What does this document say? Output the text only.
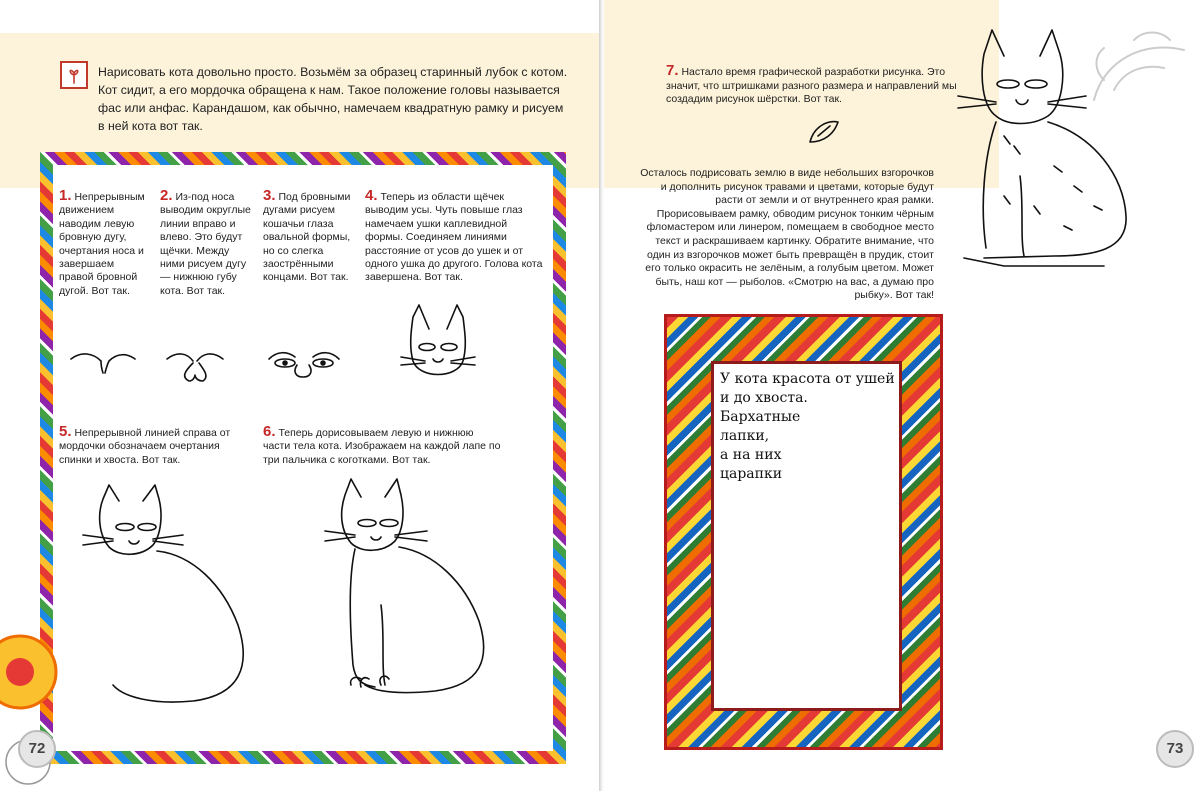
Нарисовать кота довольно просто. Возьмём за образец старинный лубок с котом. Кот сидит, а его мордочка обращена к нам. Такое положение головы называется фас или анфас. Карандашом, как обычно, намечаем квадратную рамку и рисуем в ней кота вот так.
1. Непрерывным движением наводим левую бровную дугу, очертания носа и завершаем правой бровной дугой. Вот так.
2. Из-под носа выводим округлые линии вправо и влево. Это будут щёчки. Между ними рисуем дугу — нижнюю губу кота. Вот так.
3. Под бровными дугами рисуем кошачьи глаза овальной формы, но со слегка заострёнными концами. Вот так.
4. Теперь из области щёчек выводим усы. Чуть повыше глаз намечаем ушки каплевидной формы. Соединяем линиями расстояние от усов до ушек и от одного ушка до другого. Голова кота завершена. Вот так.
5. Непрерывной линией справа от мордочки обозначаем очертания спинки и хвоста. Вот так.
6. Теперь дорисовываем левую и нижнюю части тела кота. Изображаем на каждой лапе по три пальчика с коготками. Вот так.
72
7. Настало время графической разработки рисунка. Это значит, что штришками разного размера и направлений мы создадим рисунок шёрстки. Вот так.
Осталось подрисовать землю в виде небольших взгорочков и дополнить рисунок травами и цветами, которые будут расти от земли и от внутреннего края рамки. Прорисовываем рамку, обводим рисунок тонким чёрным фломастером или линером, помещаем в свободное место текст и раскрашиваем картинку. Обратите внимание, что один из взгорочков может быть превращён в прудик, стоит его только окрасить не зелёным, а голубым цветом. Может быть, наш кот — рыболов. «Смотрю на вас, а думаю про рыбку». Вот так!
У кота красота от ушей
и до хвоста.
Бархатные
лапки,
а на них
царапки
73
